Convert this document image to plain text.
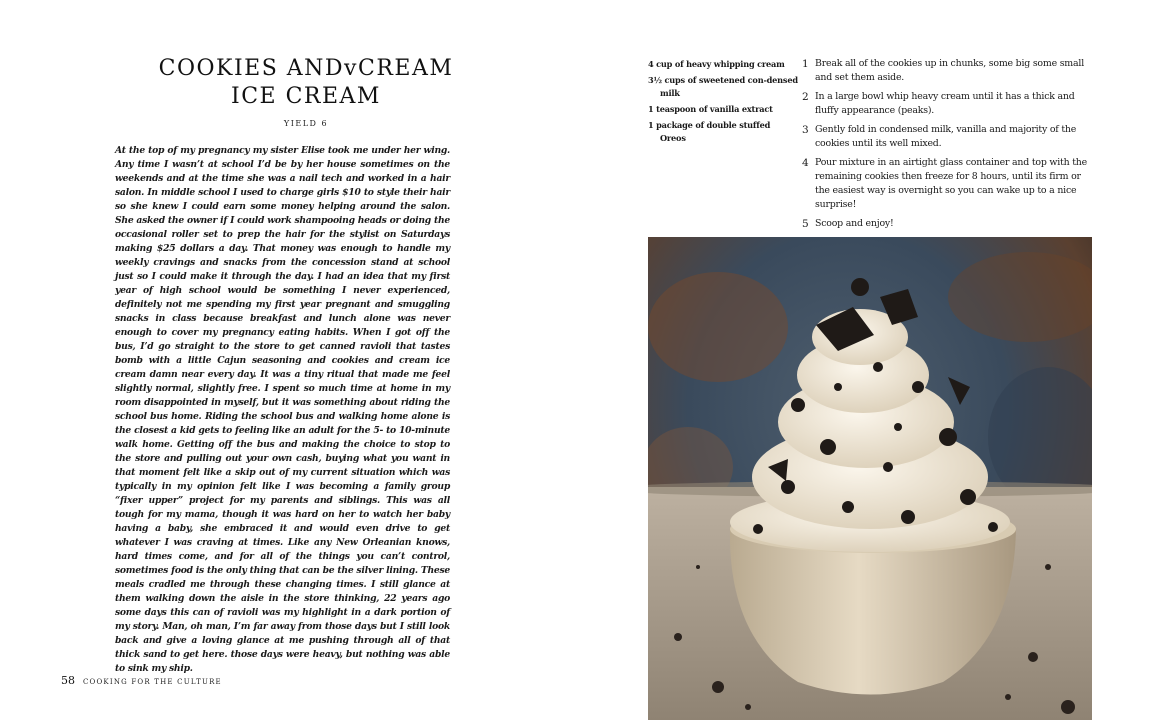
COOKIES ANDvCREAM
ICE CREAM
YIELD 6

At the top of my pregnancy my sister Elise took me under her wing. Any time I wasn’t at school I’d be by her house sometimes on the weekends and at the time she was a nail tech and worked in a hair salon. In middle school I used to charge girls $10 to style their hair so she knew I could earn some money helping around the salon. She asked the owner if I could work shampooing heads or doing the occasional roller set to prep the hair for the stylist on Saturdays making $25 dollars a day. That money was enough to handle my weekly cravings and snacks from the concession stand at school just so I could make it through the day. I had an idea that my first year of high school would be something I never experienced, definitely not me spending my first year pregnant and smuggling snacks in class because breakfast and lunch alone was never enough to cover my pregnancy eating habits. When I got off the bus, I’d go straight to the store to get canned ravioli that tastes bomb with a little Cajun seasoning and cookies and cream ice cream damn near every day. It was a tiny ritual that made me feel slightly normal, slightly free. I spent so much time at home in my room disappointed in myself, but it was something about riding the school bus home. Riding the school bus and walking home alone is the closest a kid gets to feeling like an adult for the 5- to 10-minute walk home. Getting off the bus and making the choice to stop to the store and pulling out your own cash, buying what you want in that moment felt like a skip out of my current situation which was typically in my opinion felt like I was becoming a family group “fixer upper” project for my parents and siblings. This was all tough for my mama, though it was hard on her to watch her baby having a baby, she embraced it and would even drive to get whatever I was craving at times. Like any New Orleanian knows, hard times come, and for all of the things you can’t control, sometimes food is the only thing that can be the silver lining. These meals cradled me through these changing times. I still glance at them walking down the aisle in the store thinking, 22 years ago some days this can of ravioli was my highlight in a dark portion of my story. Man, oh man, I’m far away from those days but I still look back and give a loving glance at me pushing through all of that thick sand to get here. those days were heavy, but nothing was able to sink my ship.

58 COOKING FOR THE CULTURE
4 cup of heavy whipping cream
3½ cups of sweetened con-densed milk
1 teaspoon of vanilla extract
1 package of double stuffed Oreos
1 Break all of the cookies up in chunks, some big some small and set them aside.
2 In a large bowl whip heavy cream until it has a thick and fluffy appearance (peaks).
3 Gently fold in condensed milk, vanilla and majority of the cookies until its well mixed.
4 Pour mixture in an airtight glass container and top with the remaining cookies then freeze for 8 hours, until its firm or the easiest way is overnight so you can wake up to a nice surprise!
5 Scoop and enjoy!
